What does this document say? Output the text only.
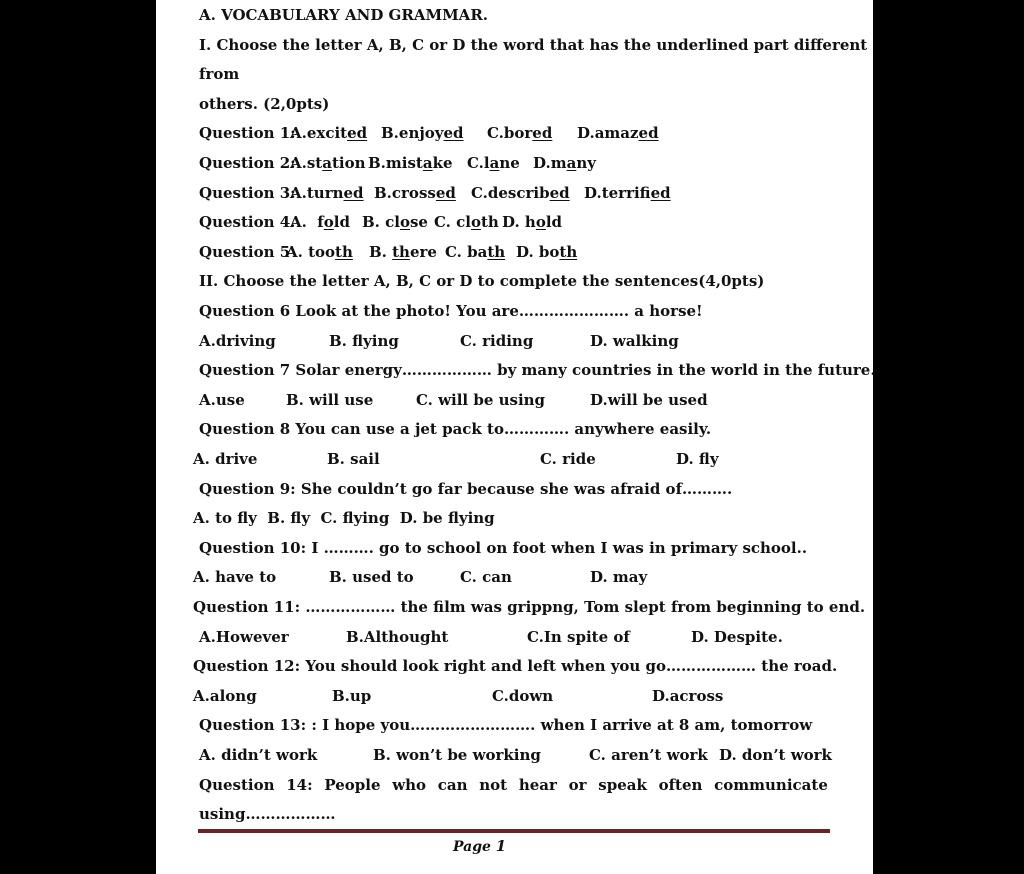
A. VOCABULARY AND GRAMMAR.
I. Choose the letter A, B, C or D the word that has the underlined part different
from
others. (2,0pts)
Question 1:
A.excited B.enjoyed C.bored D.amazed
Question 2:
A.station B.mistake C.lane D.many
Question 3:
A.turned B.crossed C.described D.terrified
Question 4.
A.  fold B. close C. cloth D. hold
Question 5
A. tooth B. there C. bath D. both
II. Choose the letter A, B, C or D to complete the sentences(4,0pts)
Question 6 Look at the photo! You are…………………. a horse!
A.driving	B. flying	C. riding	D. walking
Question 7 Solar energy……………… by many countries in the world in the future.
A.use	B. will use	C. will be using	D.will be used
Question 8 You can use a jet pack to…………. anywhere easily.
A. drive	B. sail	C. ride	D. fly
Question 9: She couldn’t go far because she was afraid of……….
A. to fly  B. fly  C. flying  D. be flying
Question 10: I ………. go to school on foot when I was in primary school..
A. have to	B. used to	C. can	D. may
Question 11: ……………… the film was grippng, Tom slept from beginning to end.
A.However	B.Althought	C.In spite of	D. Despite.
Question 12: You should look right and left when you go……………… the road.
A.along	B.up	C.down	D.across
Question 13: : I hope you……………………. when I arrive at 8 am, tomorrow
A. didn’t work	B. won’t be working	C. aren’t work D. don’t work
Question 14: People who can not hear or speak often communicate
using………………
Page 1
